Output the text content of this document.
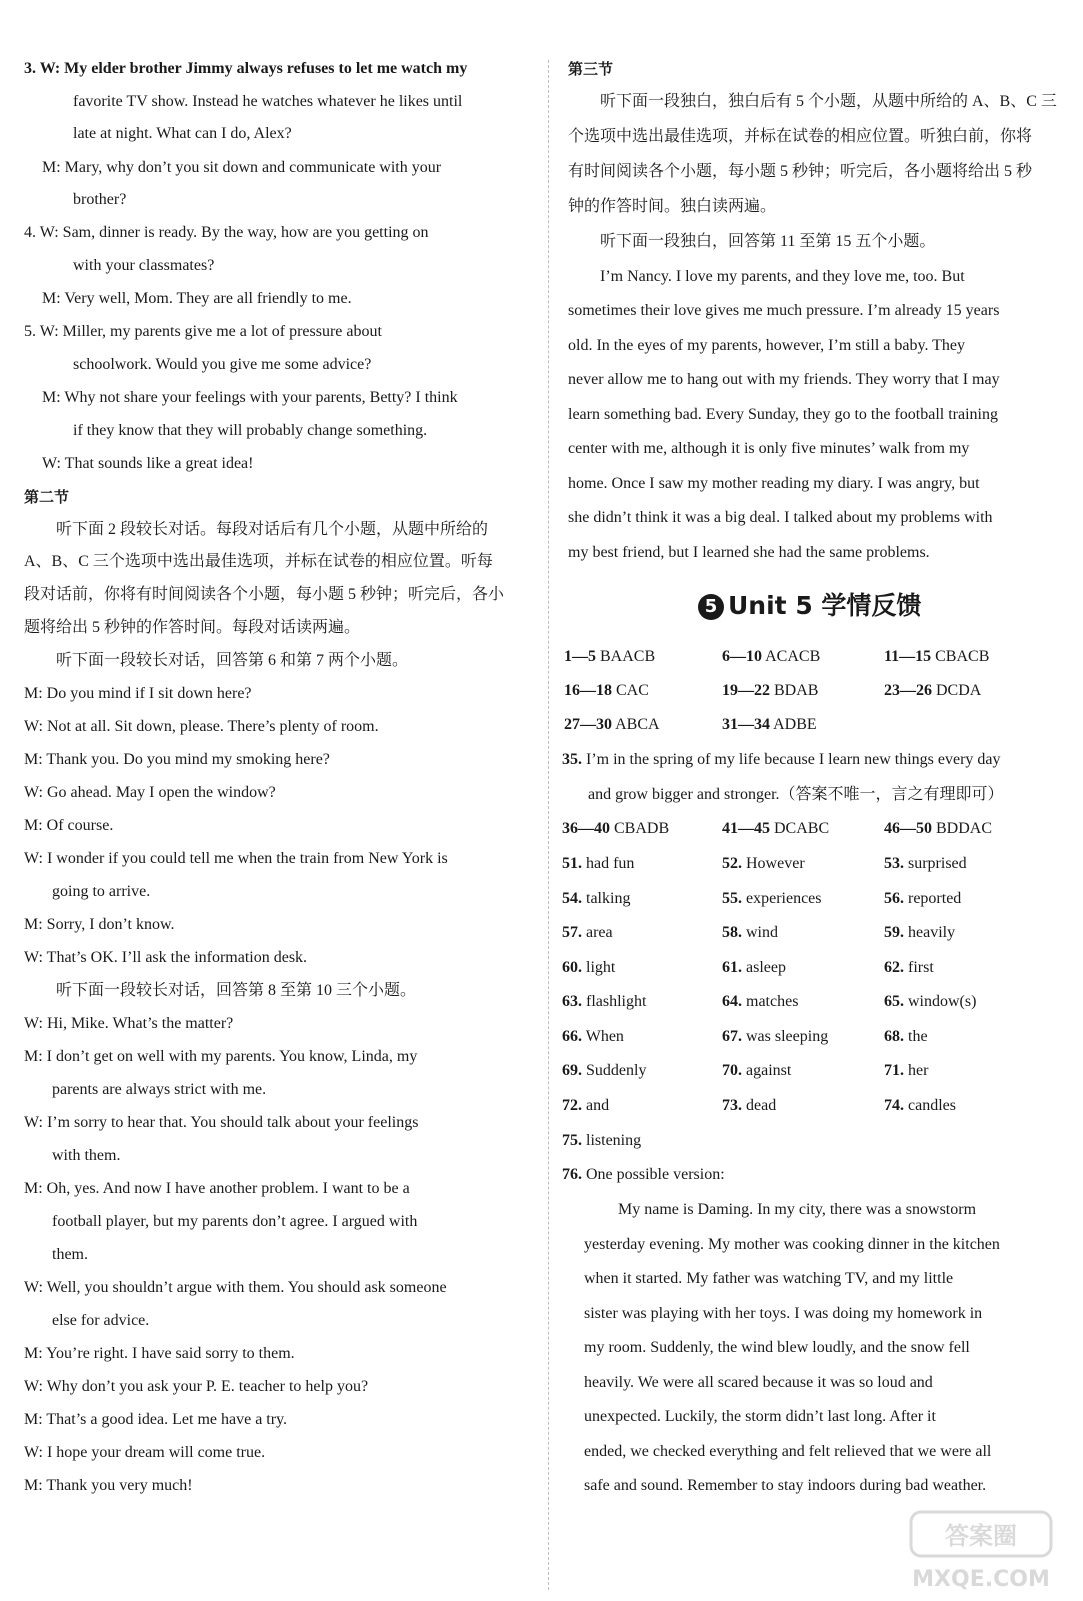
3. W: My elder brother Jimmy always refuses to let me watch my
favorite TV show. Instead he watches whatever he likes until
late at night. What can I do, Alex?
M: Mary, why don’t you sit down and communicate with your
brother?
4. W: Sam, dinner is ready. By the way, how are you getting on
with your classmates?
M: Very well, Mom. They are all friendly to me.
5. W: Miller, my parents give me a lot of pressure about
schoolwork. Would you give me some advice?
M: Why not share your feelings with your parents, Betty? I think
if they know that they will probably change something.
W: That sounds like a great idea!
第二节
听下面 2 段较长对话。每段对话后有几个小题，从题中所给的
A、B、C 三个选项中选出最佳选项，并标在试卷的相应位置。听每
段对话前，你将有时间阅读各个小题，每小题 5 秒钟；听完后，各小
题将给出 5 秒钟的作答时间。每段对话读两遍。
听下面一段较长对话，回答第 6 和第 7 两个小题。
M: Do you mind if I sit down here?
W: Not at all. Sit down, please. There’s plenty of room.
M: Thank you. Do you mind my smoking here?
W: Go ahead. May I open the window?
M: Of course.
W: I wonder if you could tell me when the train from New York is
going to arrive.
M: Sorry, I don’t know.
W: That’s OK. I’ll ask the information desk.
听下面一段较长对话，回答第 8 至第 10 三个小题。
W: Hi, Mike. What’s the matter?
M: I don’t get on well with my parents. You know, Linda, my
parents are always strict with me.
W: I’m sorry to hear that. You should talk about your feelings
with them.
M: Oh, yes. And now I have another problem. I want to be a
football player, but my parents don’t agree. I argued with
them.
W: Well, you shouldn’t argue with them. You should ask someone
else for advice.
M: You’re right. I have said sorry to them.
W: Why don’t you ask your P. E. teacher to help you?
M: That’s a good idea. Let me have a try.
W: I hope your dream will come true.
M: Thank you very much!
第三节
听下面一段独白，独白后有 5 个小题，从题中所给的 A、B、C 三
个选项中选出最佳选项，并标在试卷的相应位置。听独白前，你将
有时间阅读各个小题，每小题 5 秒钟；听完后，各小题将给出 5 秒
钟的作答时间。独白读两遍。
听下面一段独白，回答第 11 至第 15 五个小题。
I’m Nancy. I love my parents, and they love me, too. But
sometimes their love gives me much pressure. I’m already 15 years
old. In the eyes of my parents, however, I’m still a baby. They
never allow me to hang out with my friends. They worry that I may
learn something bad. Every Sunday, they go to the football training
center with me, although it is only five minutes’ walk from my
home. Once I saw my mother reading my diary. I was angry, but
she didn’t think it was a big deal. I talked about my problems with
my best friend, but I learned she had the same problems.
5 Unit 5 学情反馈
1—5 BAACB	6—10 ACACB	11—15 CBACB
16—18 CAC	19—22 BDAB	23—26 DCDA
27—30 ABCA	31—34 ADBE
35. I’m in the spring of my life because I learn new things every day
and grow bigger and stronger.（答案不唯一，言之有理即可）
36—40 CBADB	41—45 DCABC	46—50 BDDAC
51. had fun	52. However	53. surprised
54. talking	55. experiences	56. reported
57. area	58. wind	59. heavily
60. light	61. asleep	62. first
63. flashlight	64. matches	65. window(s)
66. When	67. was sleeping	68. the
69. Suddenly	70. against	71. her
72. and	73. dead	74. candles
75. listening
76. One possible version:
My name is Daming. In my city, there was a snowstorm
yesterday evening. My mother was cooking dinner in the kitchen
when it started. My father was watching TV, and my little
sister was playing with her toys. I was doing my homework in
my room. Suddenly, the wind blew loudly, and the snow fell
heavily. We were all scared because it was so loud and
unexpected. Luckily, the storm didn’t last long. After it
ended, we checked everything and felt relieved that we were all
safe and sound. Remember to stay indoors during bad weather.
答案圈
MXQE.COM
